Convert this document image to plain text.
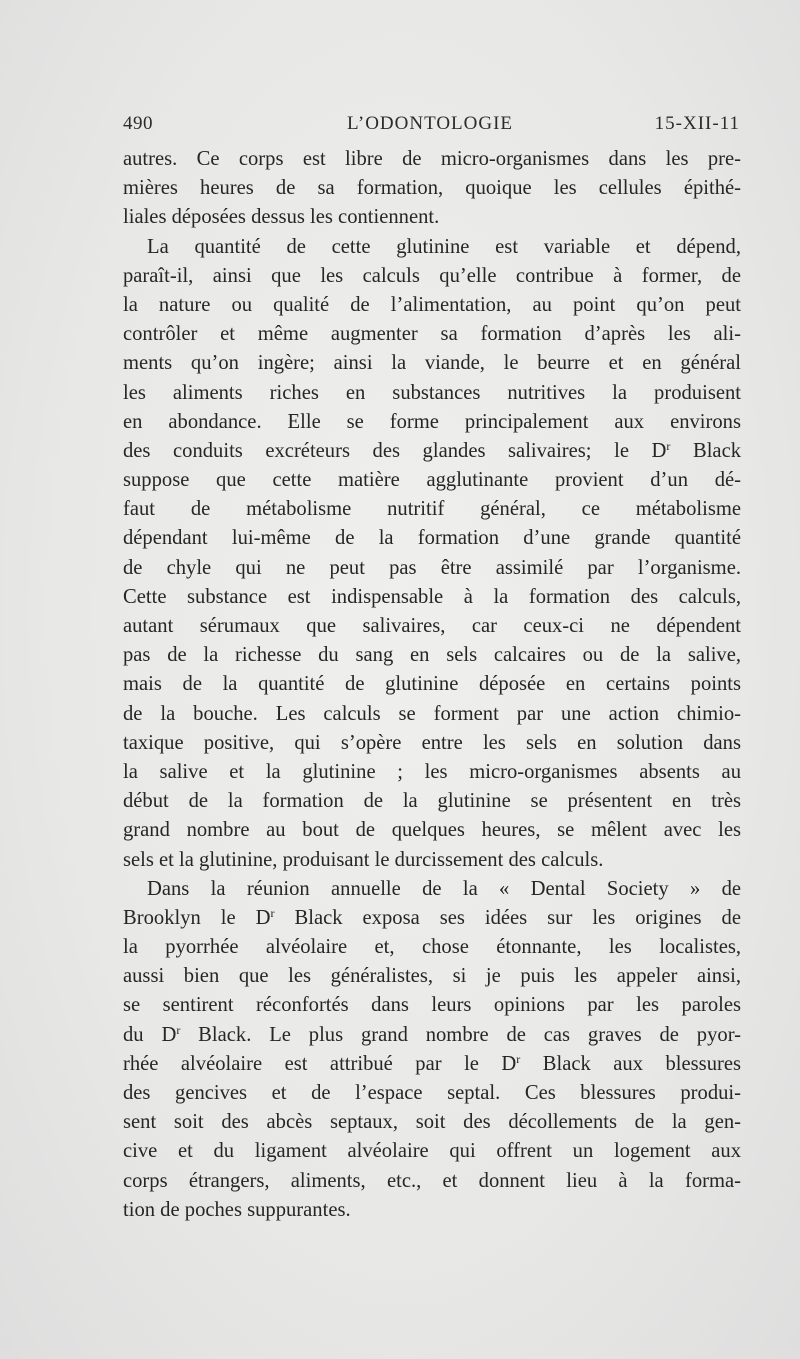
490	L’ODONTOLOGIE	15-XII-11
autres. Ce corps est libre de micro-organismes dans les pre-
mières heures de sa formation, quoique les cellules épithé-
liales déposées dessus les contiennent.
La quantité de cette glutinine est variable et dépend,
paraît-il, ainsi que les calculs qu’elle contribue à former, de
la nature ou qualité de l’alimentation, au point qu’on peut
contrôler et même augmenter sa formation d’après les ali-
ments qu’on ingère; ainsi la viande, le beurre et en général
les aliments riches en substances nutritives la produisent
en abondance. Elle se forme principalement aux environs
des conduits excréteurs des glandes salivaires; le $D^r$ Black
suppose que cette matière agglutinante provient d’un dé-
faut de métabolisme nutritif général, ce métabolisme
dépendant lui-même de la formation d’une grande quantité
de chyle qui ne peut pas être assimilé par l’organisme.
Cette substance est indispensable à la formation des calculs,
autant sérumaux que salivaires, car ceux-ci ne dépendent
pas de la richesse du sang en sels calcaires ou de la salive,
mais de la quantité de glutinine déposée en certains points
de la bouche. Les calculs se forment par une action chimio-
taxique positive, qui s’opère entre les sels en solution dans
la salive et la glutinine ; les micro-organismes absents au
début de la formation de la glutinine se présentent en très
grand nombre au bout de quelques heures, se mêlent avec les
sels et la glutinine, produisant le durcissement des calculs.
Dans la réunion annuelle de la « Dental Society » de
Brooklyn le $D^r$ Black exposa ses idées sur les origines de
la pyorrhée alvéolaire et, chose étonnante, les localistes,
aussi bien que les généralistes, si je puis les appeler ainsi,
se sentirent réconfortés dans leurs opinions par les paroles
du $D^r$ Black. Le plus grand nombre de cas graves de pyor-
rhée alvéolaire est attribué par le $D^r$ Black aux blessures
des gencives et de l’espace septal. Ces blessures produi-
sent soit des abcès septaux, soit des décollements de la gen-
cive et du ligament alvéolaire qui offrent un logement aux
corps étrangers, aliments, etc., et donnent lieu à la forma-
tion de poches suppurantes.
